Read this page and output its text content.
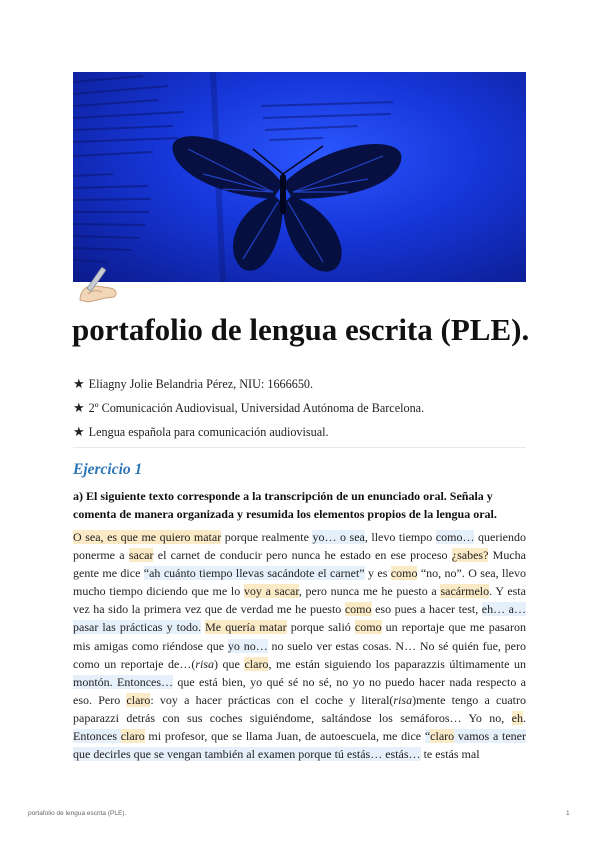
portafolio de lengua escrita (PLE).
★ Eliagny Jolie Belandria Pérez, NIU: 1666650.
★ 2º Comunicación Audiovisual, Universidad Autónoma de Barcelona.
★ Lengua española para comunicación audiovisual.
Ejercicio 1

a) El siguiente texto corresponde a la transcripción de un enunciado oral. Señala y comenta de manera organizada y resumida los elementos propios de la lengua oral.

O sea, es que me quiero matar porque realmente yo… o sea, llevo tiempo como… queriendo
ponerme a sacar el carnet de conducir pero nunca he estado en ese proceso ¿sabes? Mucha
gente me dice “ah cuánto tiempo llevas sacándote el carnet” y es como “no, no”. O sea, llevo
mucho tiempo diciendo que me lo voy a sacar, pero nunca me he puesto a sacármelo. Y esta
vez ha sido la primera vez que de verdad me he puesto como eso pues a hacer test, eh… a…
pasar las prácticas y todo. Me quería matar porque salió como un reportaje que me pasaron
mis amigas como riéndose que yo no… no suelo ver estas cosas. N… No sé quién fue, pero
como un reportaje de…(risa) que claro, me están siguiendo los paparazzis últimamente un
montón. Entonces… que está bien, yo qué sé no sé, no yo no puedo hacer nada respecto a
eso. Pero claro: voy a hacer prácticas con el coche y literal(risa)mente tengo a cuatro
paparazzi detrás con sus coches siguiéndome, saltándose los semáforos… Yo no, eh.
Entonces claro mi profesor, que se llama Juan, de autoescuela, me dice “claro vamos a tener
que decirles que se vengan también al examen porque tú estás… estás… te estás mal
portafolio de lengua escrita (PLE).	1
